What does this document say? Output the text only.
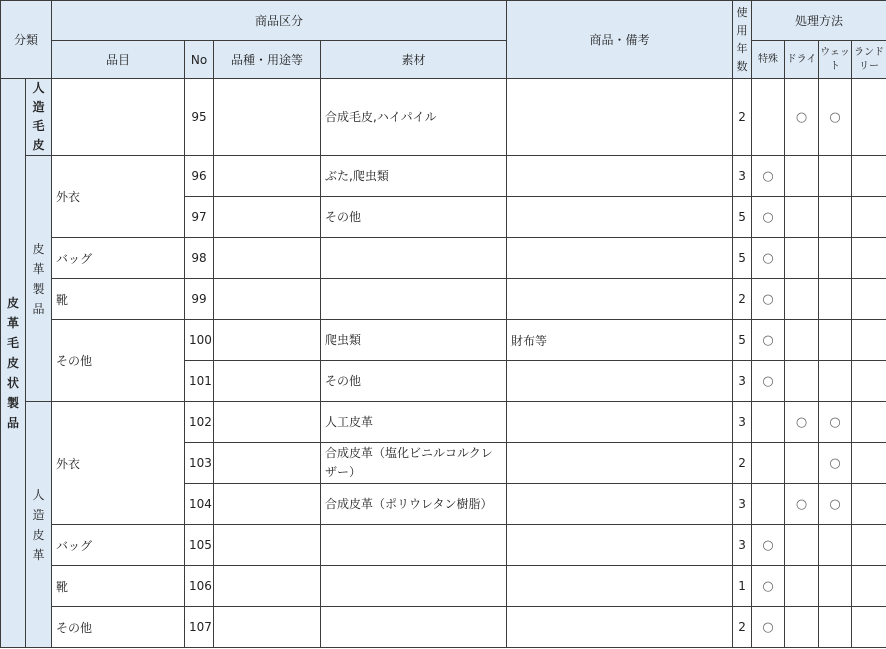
分類		商品区分				商品・備考	使用年数	処理方法			
		品目	No	品種・用途等	素材			特殊	ドライ	ウェット	ランドリー
皮革毛皮状製品	人造毛皮		95		合成毛皮,ハイパイル		2		○	○	
	皮革製品	外衣	96		ぶた,爬虫類		3	○			
			97		その他		5	○			
		バッグ	98				5	○			
		靴	99				2	○			
		その他	100		爬虫類	財布等	5	○			
			101		その他		3	○			
	人造皮革	外衣	102		人工皮革		3		○	○	
			103		合成皮革（塩化ビニルコルクレザー）		2			○	
			104		合成皮革（ポリウレタン樹脂）		3		○	○	
		バッグ	105				3	○			
		靴	106				1	○			
		その他	107				2	○			
